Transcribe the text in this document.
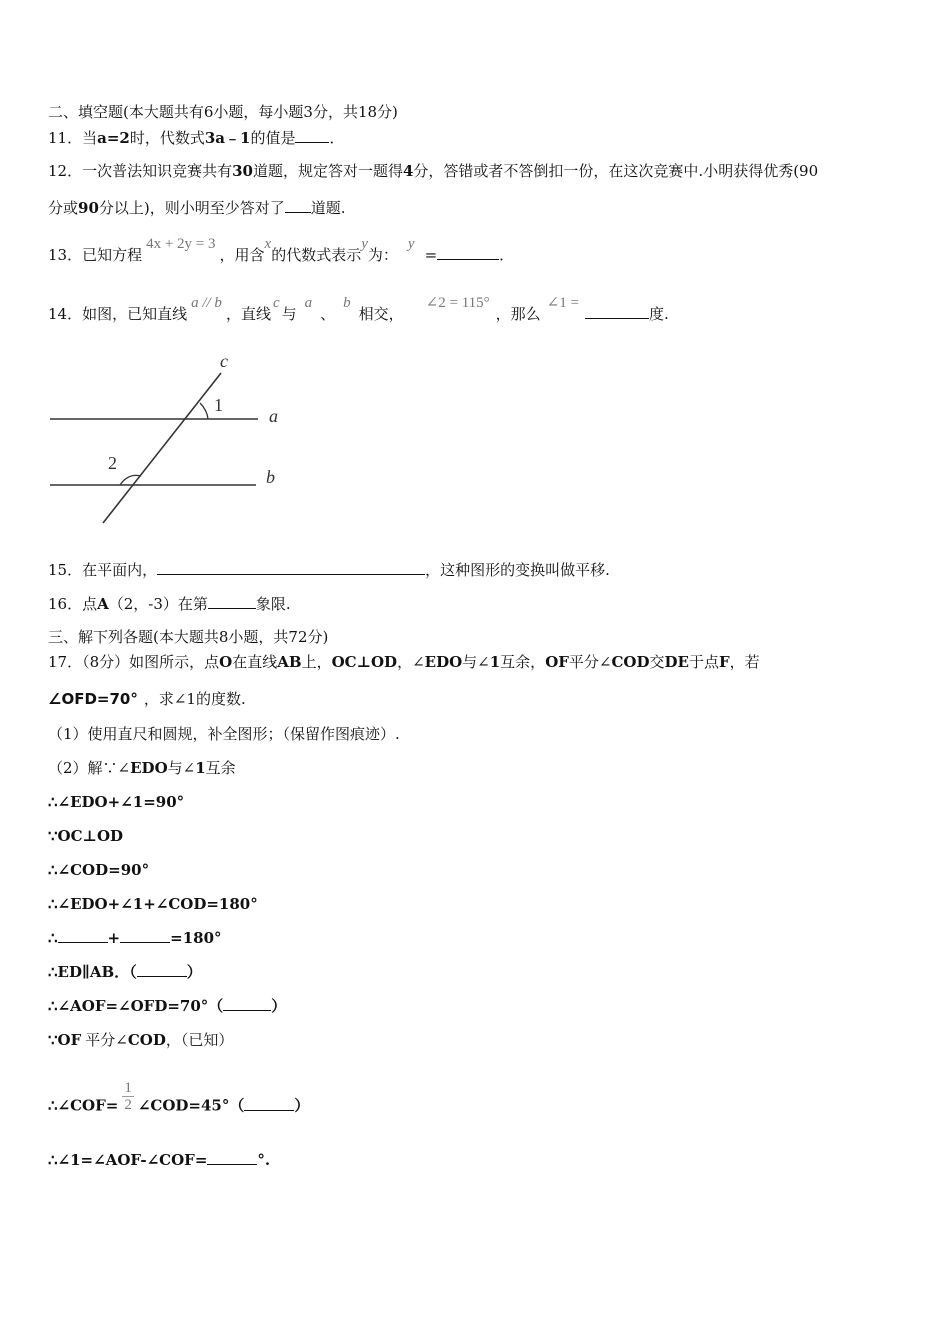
二、填空题(本大题共有6小题，每小题3分，共18分)
11．当a=2时，代数式3a﹣1的值是 ．
12．一次普法知识竞赛共有30道题，规定答对一题得4分，答错或者不答倒扣一份，在这次竞赛中.小明获得优秀(90
分或90分以上)，则小明至少答对了 道题.
13．已知方程4x + 2y = 3，用含x的代数式表示y为：y=	．
14．如图，已知直线a // b，直线c与a、b相交，∠2 = 115°，那么∠1 =度.
c
a
b
1
2
15．在平面内，	，这种图形的变换叫做平移.
16．点A（2，-3）在第	象限.
三、解下列各题(本大题共8小题，共72分)
17．（8分）如图所示，点O在直线AB上，OC⊥OD，∠EDO与∠1互余，OF平分∠COD交DE于点F，若
∠OFD=70° ，求∠1的度数.
（1）使用直尺和圆规，补全图形；（保留作图痕迹）.
（2）解∵∠EDO与∠1互余
∴∠EDO+∠1=90°
∵OC⊥OD
∴∠COD=90°
∴∠EDO+∠1+∠COD=180°
∴	+	=180°
∴ED∥AB．（	）
∴∠AOF=∠OFD=70°（	）
∵OF 平分∠COD，（已知）
∴∠COF= $\frac{1}{2}$ ∠COD=45°（	）
∴∠1=∠AOF-∠COF=	°.
